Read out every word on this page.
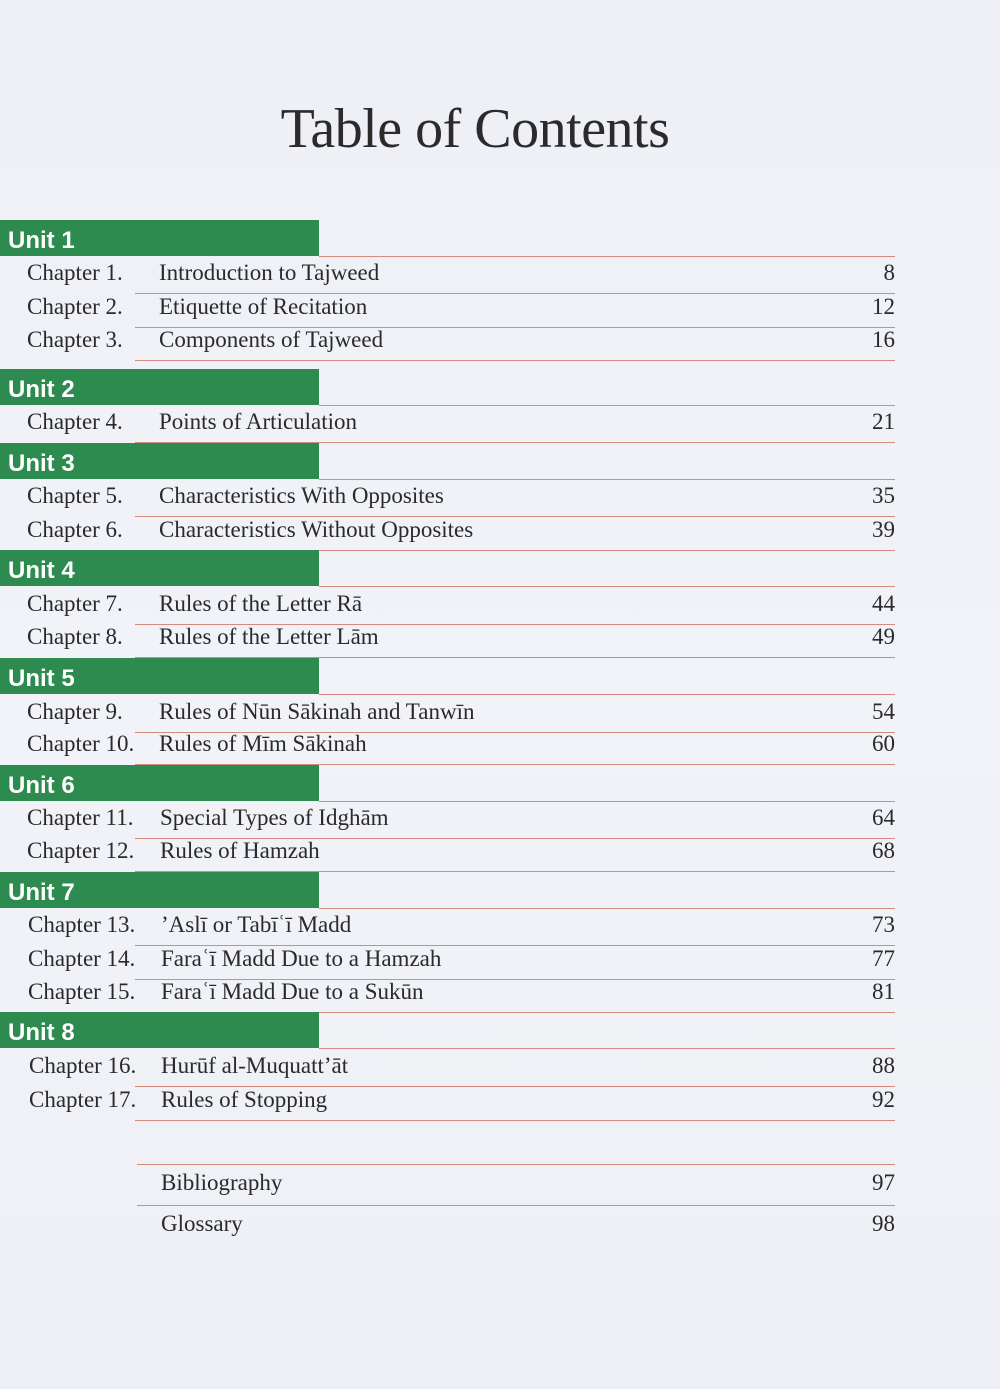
Table of Contents
Unit 1
Chapter 1. Introduction to Tajweed	8
Chapter 2. Etiquette of Recitation	12
Chapter 3. Components of Tajweed	16
Unit 2
Chapter 4. Points of Articulation	21
Unit 3
Chapter 5. Characteristics With Opposites	35
Chapter 6. Characteristics Without Opposites	39
Unit 4
Chapter 7. Rules of the Letter Rā	44
Chapter 8. Rules of the Letter Lām	49
Unit 5
Chapter 9. Rules of Nūn Sākinah and Tanwīn	54
Chapter 10. Rules of Mīm Sākinah	60
Unit 6
Chapter 11. Special Types of Idghām	64
Chapter 12. Rules of Hamzah	68
Unit 7
Chapter 13. ’Aslī or Tabīʿī Madd	73
Chapter 14. Faraʿī Madd Due to a Hamzah	77
Chapter 15. Faraʿī Madd Due to a Sukūn	81
Unit 8
Chapter 16. Hurūf al-Muquatt’āt	88
Chapter 17. Rules of Stopping	92
Bibliography	97
Glossary	98
